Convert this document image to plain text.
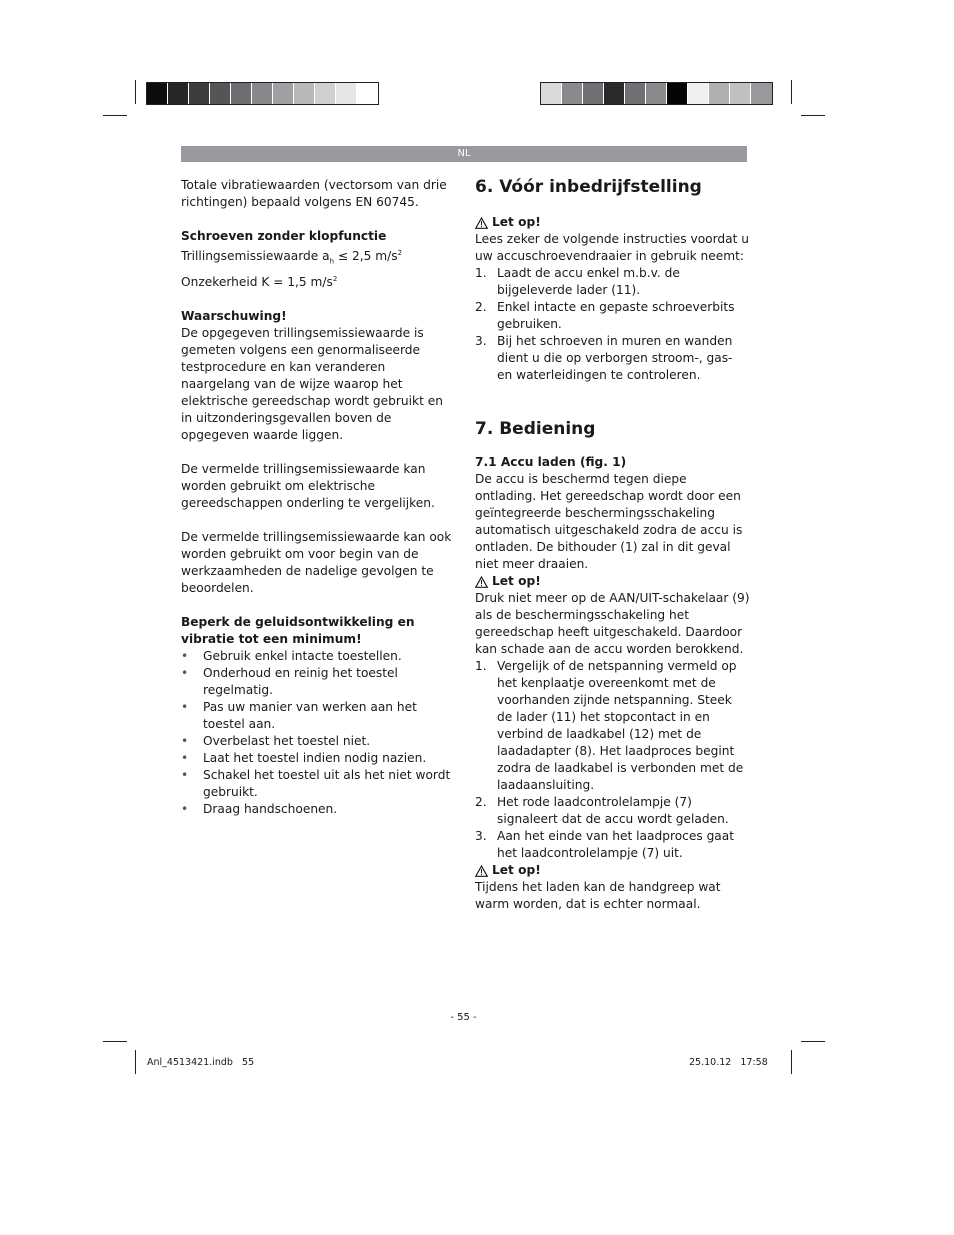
NL

Totale vibratiewaarden (vectorsom van drie richtingen) bepaald volgens EN 60745.

Schroeven zonder klopfunctie

Trillingsemissiewaarde $a_h \le 2,5$ $m/s^2$

Onzekerheid K = 1,5 $m/s^2$

Waarschuwing!

De opgegeven trillingsemissiewaarde is gemeten volgens een genormaliseerde testprocedure en kan veranderen naargelang van de wijze waarop het elektrische gereedschap wordt gebruikt en in uitzonderingsgevallen boven de opgegeven waarde liggen.

De vermelde trillingsemissiewaarde kan worden gebruikt om elektrische gereedschappen onderling te vergelijken.

De vermelde trillingsemissiewaarde kan ook worden gebruikt om voor begin van de werkzaamheden de nadelige gevolgen te beoordelen.

Beperk de geluidsontwikkeling en vibratie tot een minimum!

•	Gebruik enkel intacte toestellen.
•	Onderhoud en reinig het toestel regelmatig.
•	Pas uw manier van werken aan het toestel aan.
•	Overbelast het toestel niet.
•	Laat het toestel indien nodig nazien.
•	Schakel het toestel uit als het niet wordt gebruikt.
•	Draag handschoenen.
6. Vóór inbedrijfstelling
Let op!

Lees zeker de volgende instructies voordat u uw accuschroevendraaier in gebruik neemt:

1. Laadt de accu enkel m.b.v. de bijgeleverde lader (11).
2. Enkel intacte en gepaste schroeverbits gebruiken.
3. Bij het schroeven in muren en wanden dient u die op verborgen stroom-, gas- en waterleidingen te controleren.
7. Bediening

7.1 Accu laden (fig. 1)

De accu is beschermd tegen diepe ontlading. Het gereedschap wordt door een geïntegreerde beschermingsschakeling automatisch uitgeschakeld zodra de accu is ontladen. De bithouder (1) zal in dit geval niet meer draaien.

Let op!

Druk niet meer op de AAN/UIT-schakelaar (9) als de beschermingsschakeling het gereedschap heeft uitgeschakeld. Daardoor kan schade aan de accu worden berokkend.

1. Vergelijk of de netspanning vermeld op het kenplaatje overeenkomt met de voorhanden zijnde netspanning. Steek de lader (11) het stopcontact in en verbind de laadkabel (12) met de laadadapter (8). Het laadproces begint zodra de laadkabel is verbonden met de laadaansluiting.
2. Het rode laadcontrolelampje (7) signaleert dat de accu wordt geladen.
3. Aan het einde van het laadproces gaat het laadcontrolelampje (7) uit.
Let op!

Tijdens het laden kan de handgreep wat warm worden, dat is echter normaal.

- 55 -
Anl_4513421.indb   55	25.10.12   17:58
